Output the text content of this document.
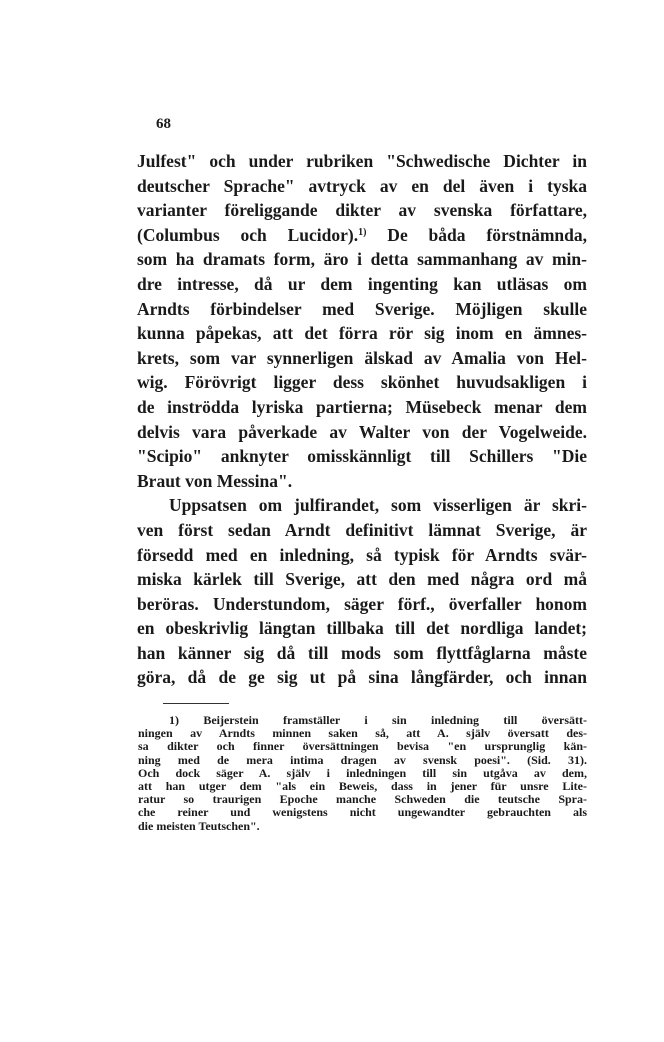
68
Julfest" och under rubriken "Schwedische Dichter in
deutscher Sprache" avtryck av en del även i tyska
varianter föreliggande dikter av svenska författare,
(Columbus och Lucidor).$^{1)}$ De båda förstnämnda,
som ha dramats form, äro i detta sammanhang av min-
dre intresse, då ur dem ingenting kan utläsas om
Arndts förbindelser med Sverige. Möjligen skulle
kunna påpekas, att det förra rör sig inom en ämnes-
krets, som var synnerligen älskad av Amalia von Hel-
wig. Förövrigt ligger dess skönhet huvudsakligen i
de inströdda lyriska partierna; Müsebeck menar dem
delvis vara påverkade av Walter von der Vogelweide.
"Scipio" anknyter omisskännligt till Schillers "Die
Braut von Messina".
Uppsatsen om julfirandet, som visserligen är skri-
ven först sedan Arndt definitivt lämnat Sverige, är
försedd med en inledning, så typisk för Arndts svär-
miska kärlek till Sverige, att den med några ord må
beröras. Understundom, säger förf., överfaller honom
en obeskrivlig längtan tillbaka till det nordliga landet;
han känner sig då till mods som flyttfåglarna måste
göra, då de ge sig ut på sina långfärder, och innan
1) Beijerstein framställer i sin inledning till översätt-
ningen av Arndts minnen saken så, att A. själv översatt des-
sa dikter och finner översättningen bevisa "en ursprunglig kän-
ning med de mera intima dragen av svensk poesi". (Sid. 31).
Och dock säger A. själv i inledningen till sin utgåva av dem,
att han utger dem "als ein Beweis, dass in jener für unsre Lite-
ratur so traurigen Epoche manche Schweden die teutsche Spra-
che reiner und wenigstens nicht ungewandter gebrauchten als
die meisten Teutschen".
